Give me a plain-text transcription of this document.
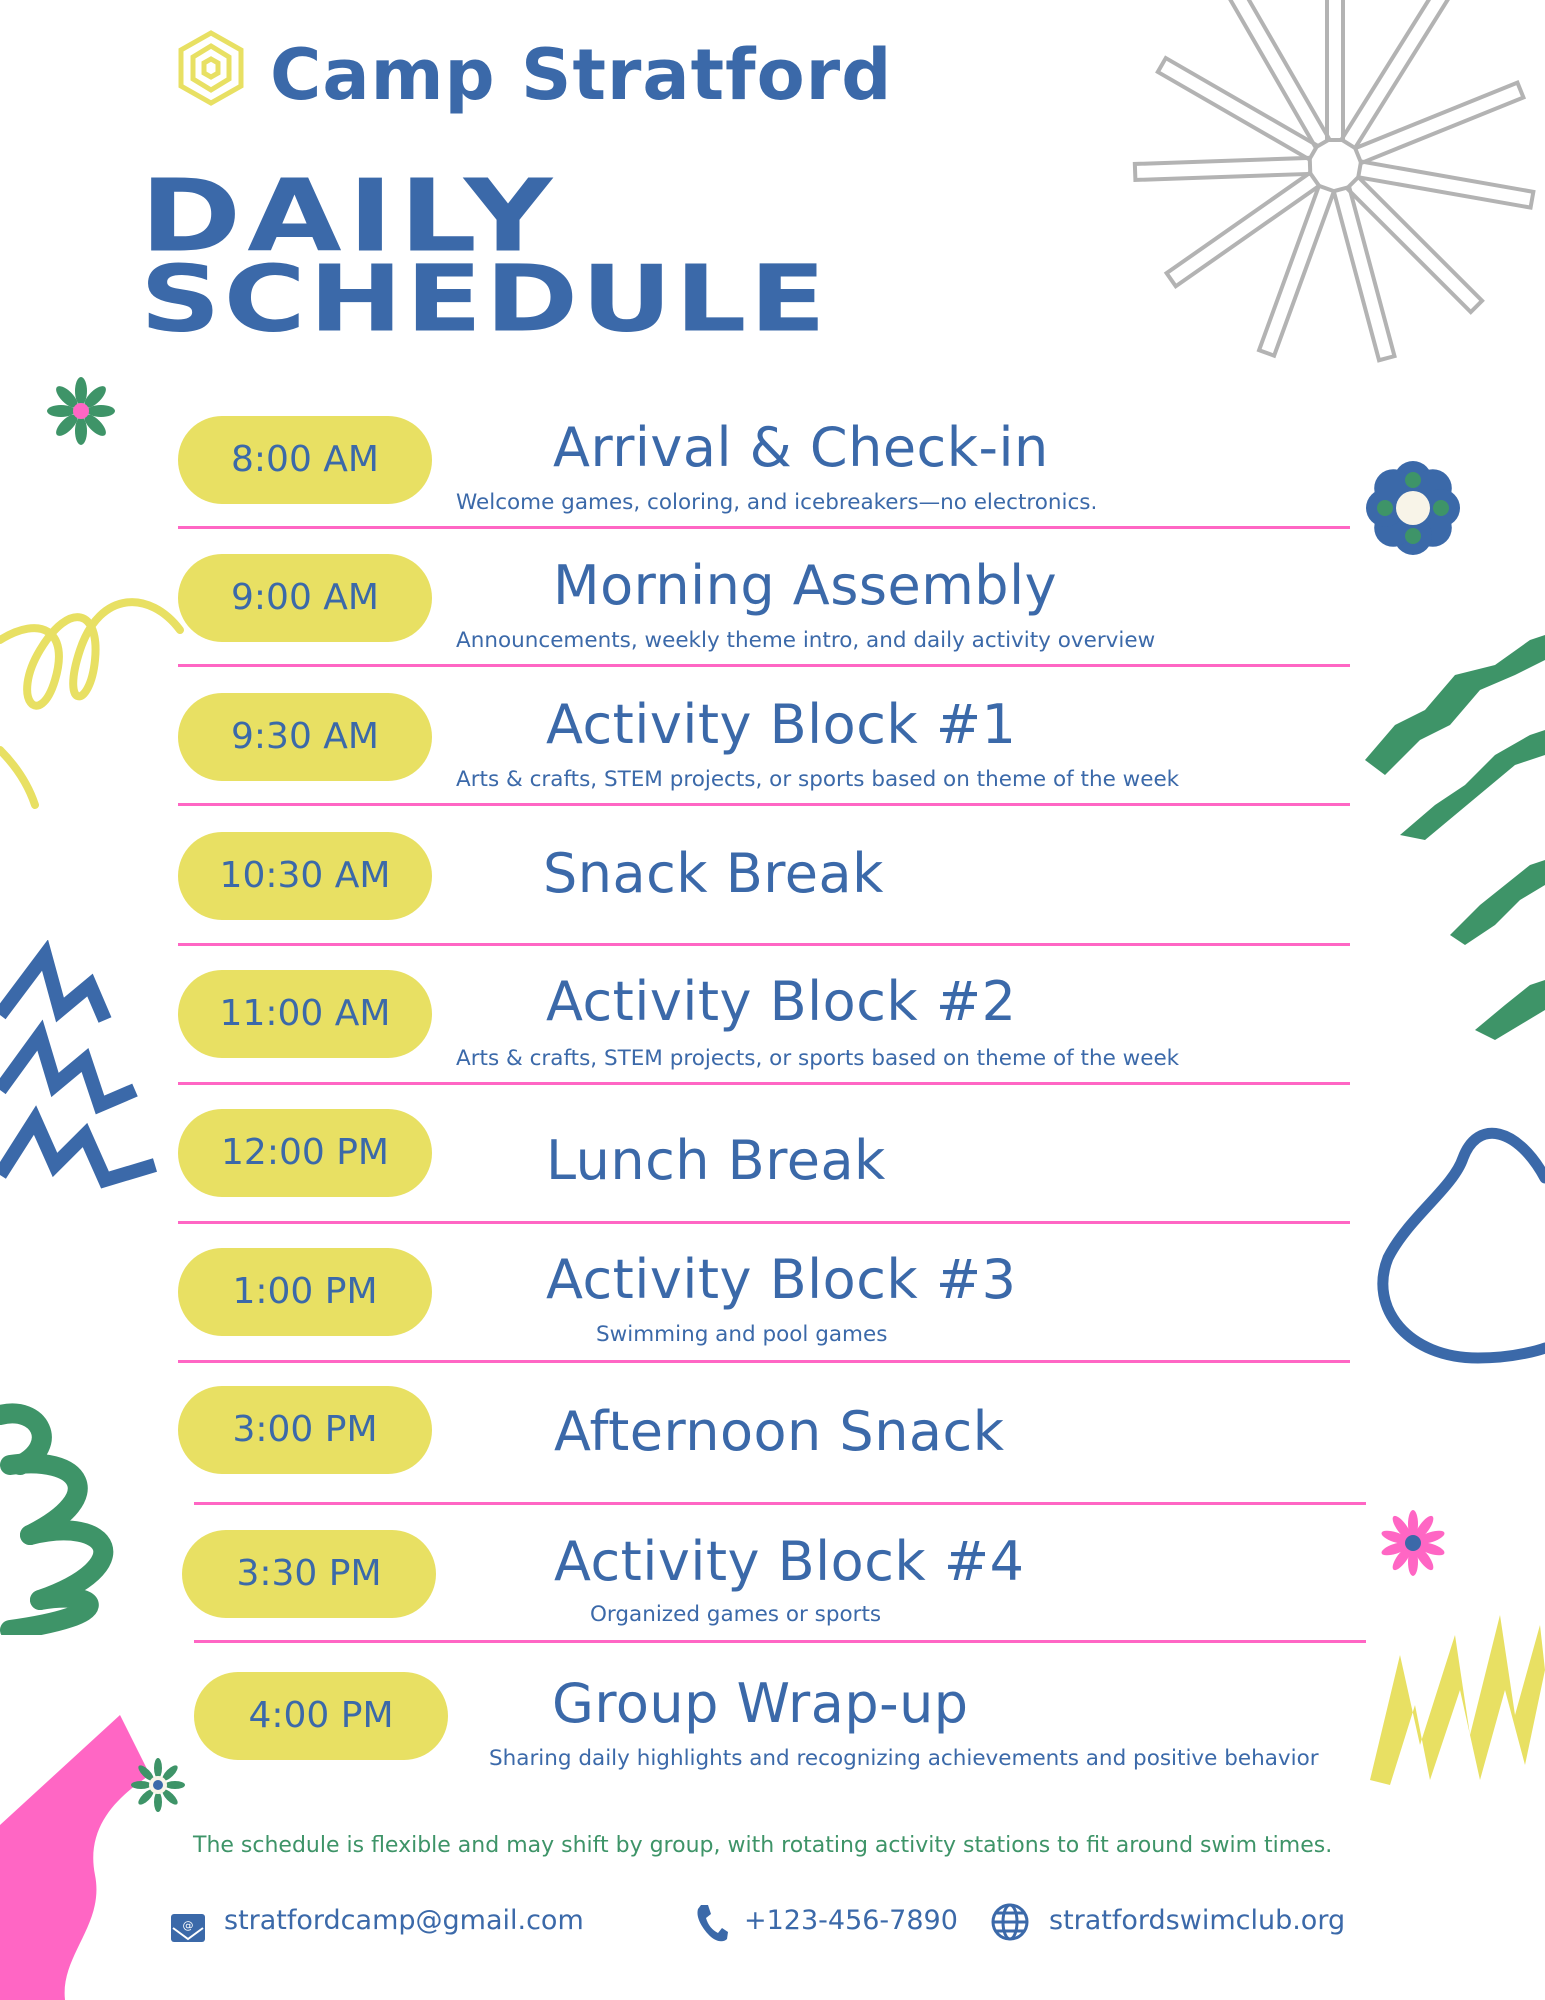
Camp Stratford
DAILY
SCHEDULE
8:00 AM	Arrival & Check-in
Welcome games, coloring, and icebreakers—no electronics.
9:00 AM	Morning Assembly
Announcements, weekly theme intro, and daily activity overview
9:30 AM	Activity Block #1
Arts & crafts, STEM projects, or sports based on theme of the week
10:30 AM	Snack Break
11:00 AM	Activity Block #2
Arts & crafts, STEM projects, or sports based on theme of the week
12:00 PM	Lunch Break
1:00 PM	Activity Block #3
Swimming and pool games
3:00 PM	Afternoon Snack
3:30 PM	Activity Block #4
Organized games or sports
4:00 PM	Group Wrap-up
Sharing daily highlights and recognizing achievements and positive behavior
The schedule is flexible and may shift by group, with rotating activity stations to fit around swim times.
@ stratfordcamp@gmail.com	+123-456-7890	stratfordswimclub.org
